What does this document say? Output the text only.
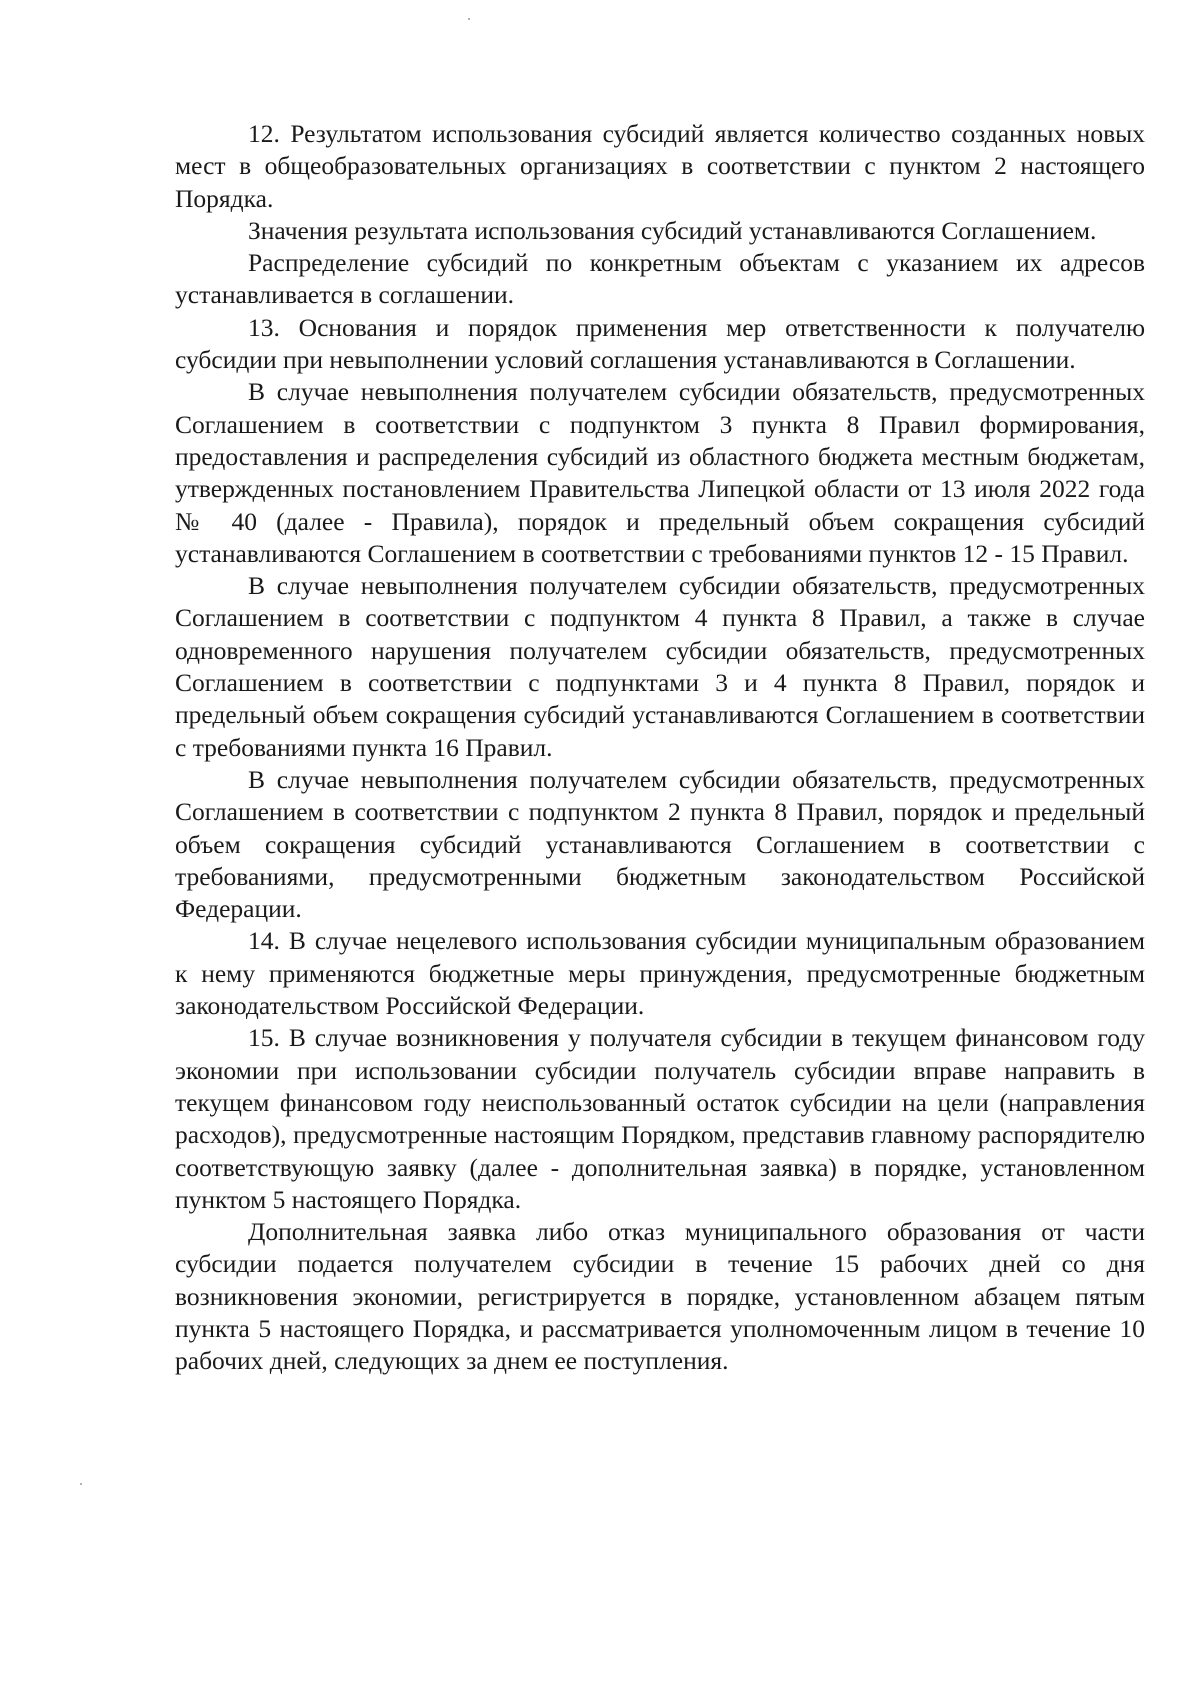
12. Результатом использования субсидий является количество созданных новых мест в общеобразовательных организациях в соответствии с пунктом 2 настоящего Порядка.

Значения результата использования субсидий устанавливаются Соглашением.

Распределение субсидий по конкретным объектам с указанием их адресов устанавливается в соглашении.

13. Основания и порядок применения мер ответственности к получателю субсидии при невыполнении условий соглашения устанавливаются в Соглашении.

В случае невыполнения получателем субсидии обязательств, предусмотренных Соглашением в соответствии с подпунктом 3 пункта 8 Правил формирования, предоставления и распределения субсидий из областного бюджета местным бюджетам, утвержденных постановлением Правительства Липецкой области от 13 июля 2022 года № 40 (далее - Правила), порядок и предельный объем сокращения субсидий устанавливаются Соглашением в соответствии с требованиями пунктов 12 - 15 Правил.

В случае невыполнения получателем субсидии обязательств, предусмотренных Соглашением в соответствии с подпунктом 4 пункта 8 Правил, а также в случае одновременного нарушения получателем субсидии обязательств, предусмотренных Соглашением в соответствии с подпунктами 3 и 4 пункта 8 Правил, порядок и предельный объем сокращения субсидий устанавливаются Соглашением в соответствии с требованиями пункта 16 Правил.

В случае невыполнения получателем субсидии обязательств, предусмотренных Соглашением в соответствии с подпунктом 2 пункта 8 Правил, порядок и предельный объем сокращения субсидий устанавливаются Соглашением в соответствии с требованиями, предусмотренными бюджетным законодательством Российской Федерации.

14. В случае нецелевого использования субсидии муниципальным образованием к нему применяются бюджетные меры принуждения, предусмотренные бюджетным законодательством Российской Федерации.

15. В случае возникновения у получателя субсидии в текущем финансовом году экономии при использовании субсидии получатель субсидии вправе направить в текущем финансовом году неиспользованный остаток субсидии на цели (направления расходов), предусмотренные настоящим Порядком, представив главному распорядителю соответствующую заявку (далее - дополнительная заявка) в порядке, установленном пунктом 5 настоящего Порядка.

Дополнительная заявка либо отказ муниципального образования от части субсидии подается получателем субсидии в течение 15 рабочих дней со дня возникновения экономии, регистрируется в порядке, установленном абзацем пятым пункта 5 настоящего Порядка, и рассматривается уполномоченным лицом в течение 10 рабочих дней, следующих за днем ее поступления.
